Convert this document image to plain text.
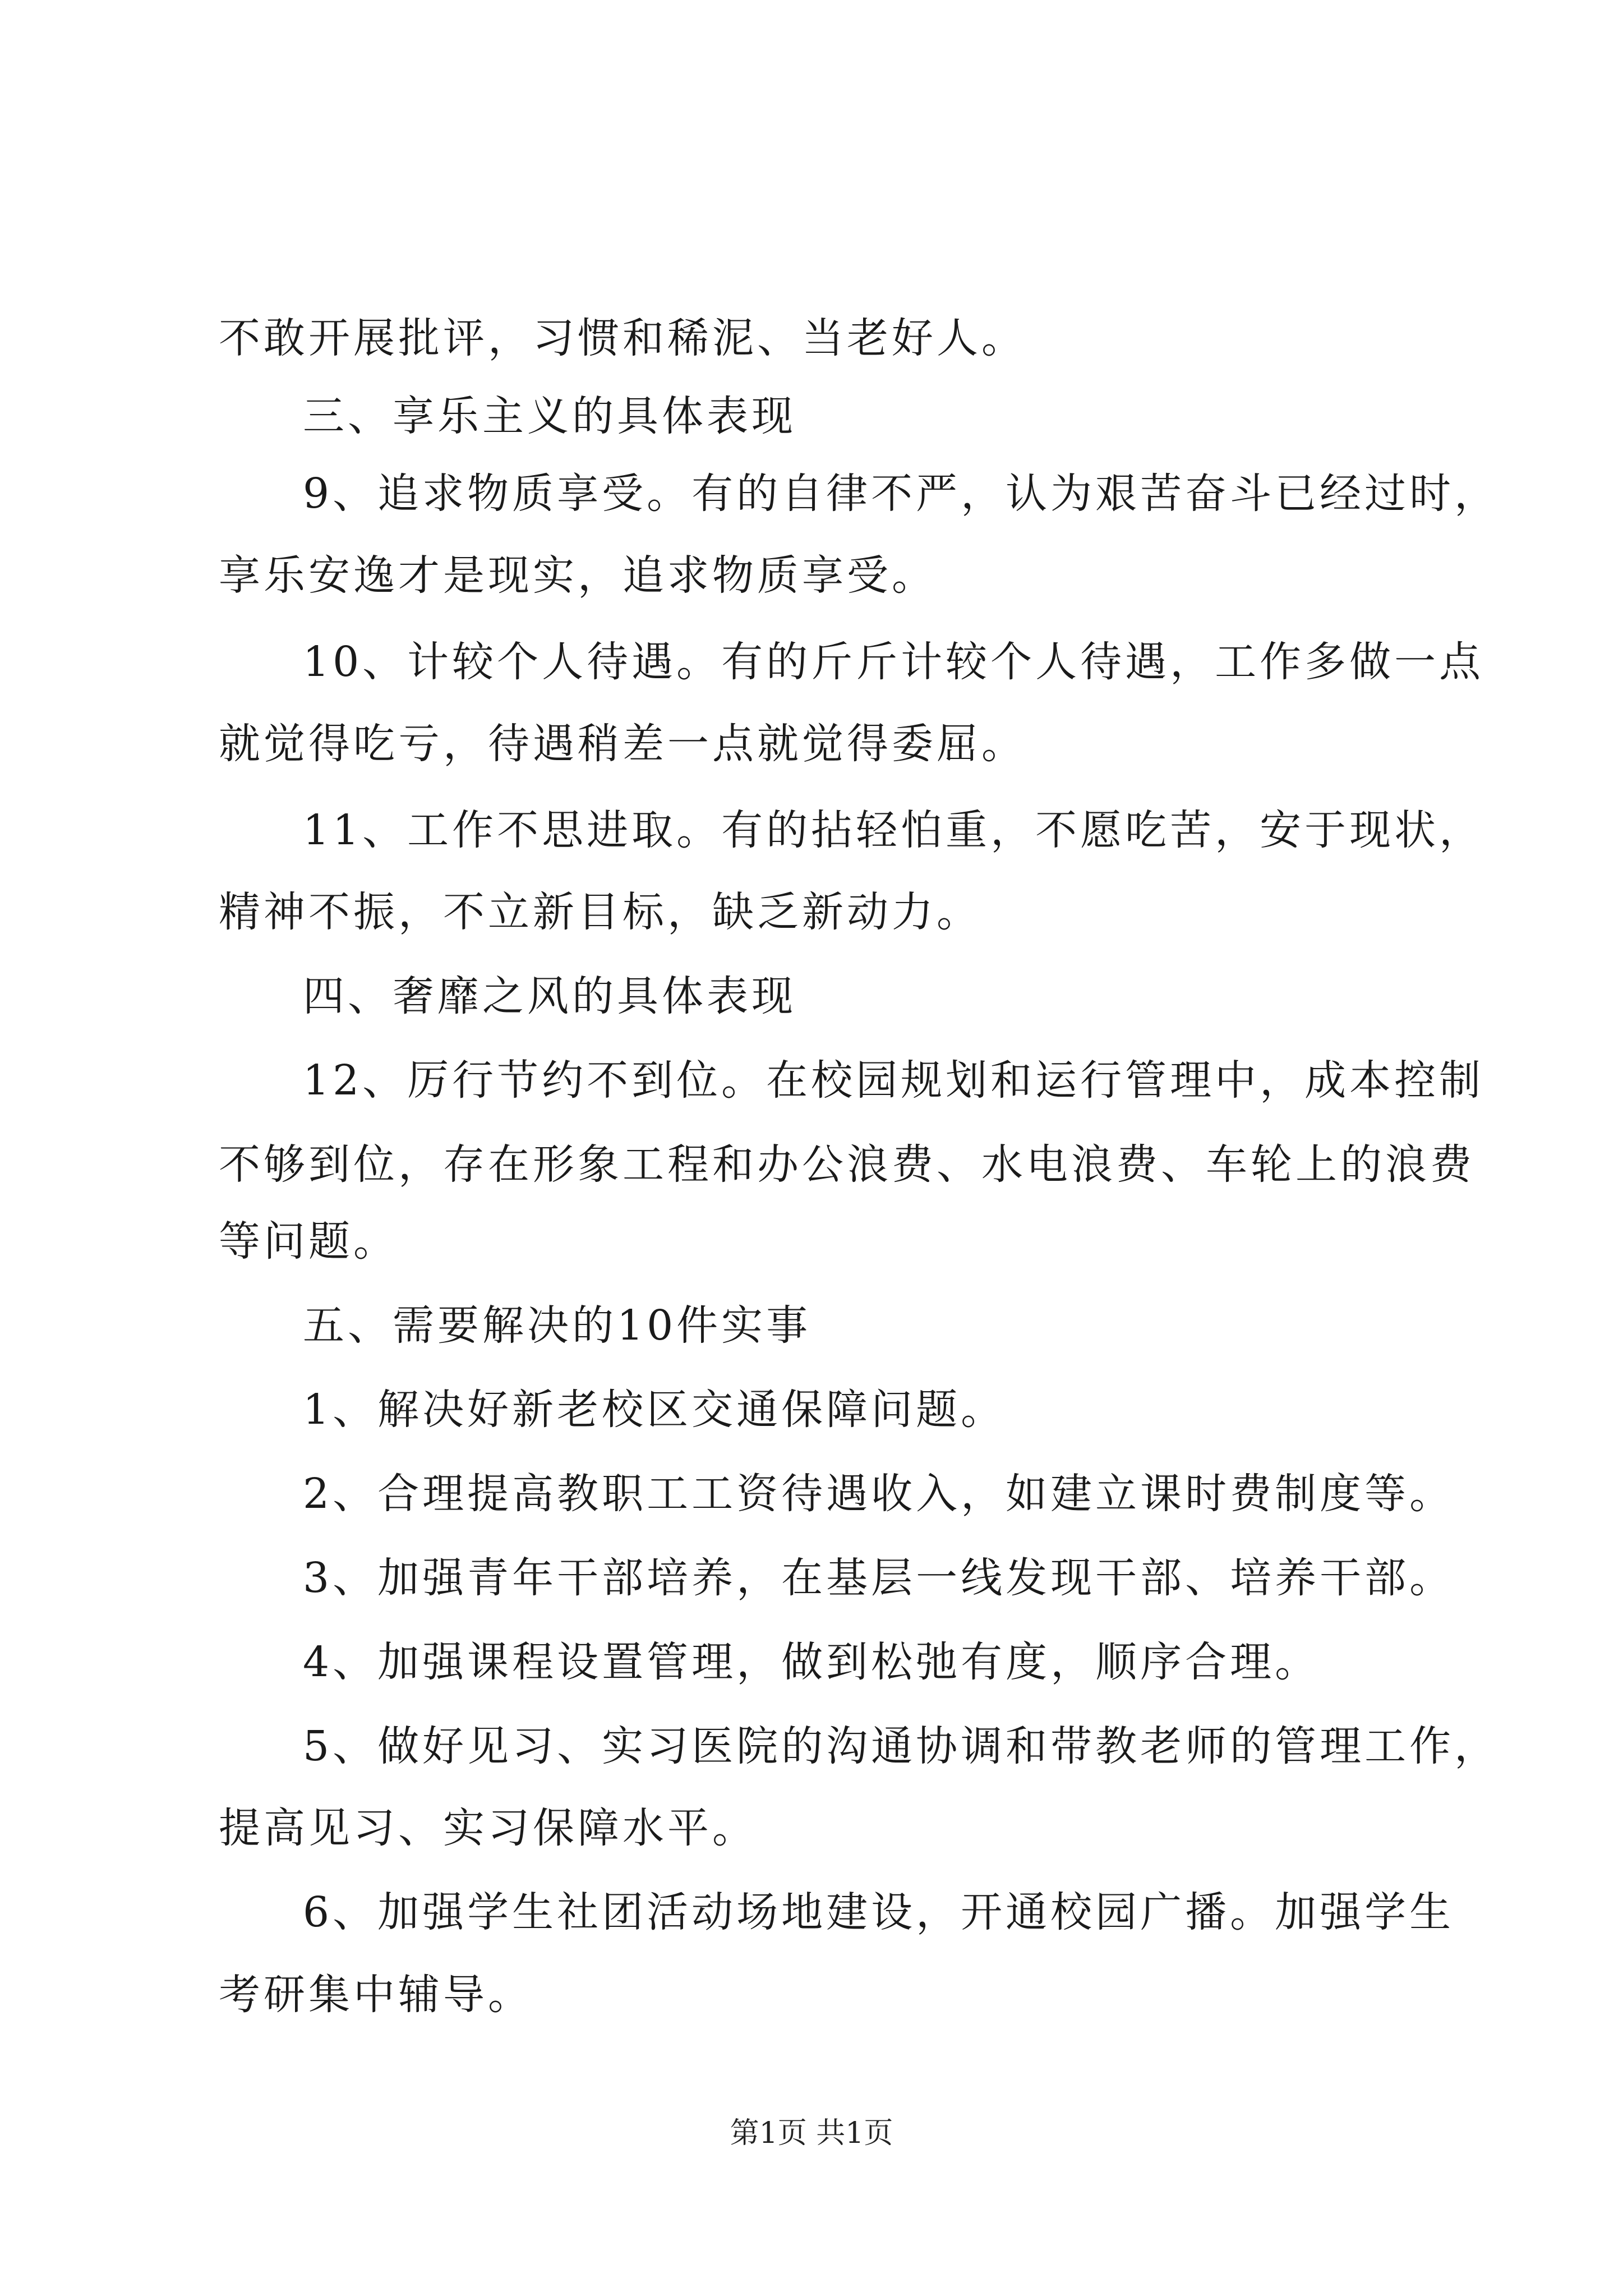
不敢开展批评，习惯和稀泥、当老好人。
三、享乐主义的具体表现
9、追求物质享受。有的自律不严，认为艰苦奋斗已经过时，
享乐安逸才是现实，追求物质享受。
10、计较个人待遇。有的斤斤计较个人待遇，工作多做一点
就觉得吃亏，待遇稍差一点就觉得委屈。
11、工作不思进取。有的拈轻怕重，不愿吃苦，安于现状，
精神不振，不立新目标，缺乏新动力。
四、奢靡之风的具体表现
12、厉行节约不到位。在校园规划和运行管理中，成本控制
不够到位，存在形象工程和办公浪费、水电浪费、车轮上的浪费
等问题。
五、需要解决的10件实事
1、解决好新老校区交通保障问题。
2、合理提高教职工工资待遇收入，如建立课时费制度等。
3、加强青年干部培养，在基层一线发现干部、培养干部。
4、加强课程设置管理，做到松弛有度，顺序合理。
5、做好见习、实习医院的沟通协调和带教老师的管理工作，
提高见习、实习保障水平。
6、加强学生社团活动场地建设，开通校园广播。加强学生
考研集中辅导。
第1页 共1页
